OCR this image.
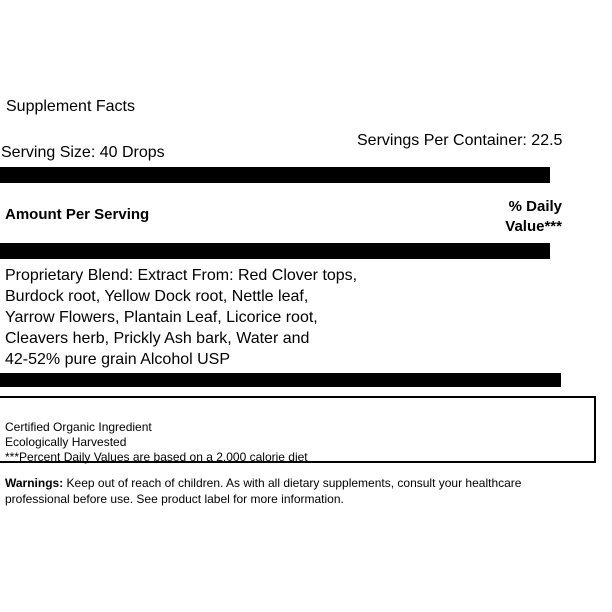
Supplement Facts
Servings Per Container: 22.5
Serving Size: 40 Drops
Amount Per Serving	% Daily
Value***
Proprietary Blend: Extract From: Red Clover tops,
Burdock root, Yellow Dock root, Nettle leaf,
Yarrow Flowers, Plantain Leaf, Licorice root,
Cleavers herb, Prickly Ash bark, Water and
42-52% pure grain Alcohol USP
Certified Organic Ingredient
Ecologically Harvested
***Percent Daily Values are based on a 2,000 calorie diet
Warnings: Keep out of reach of children. As with all dietary supplements, consult your healthcare professional before use. See product label for more information.
